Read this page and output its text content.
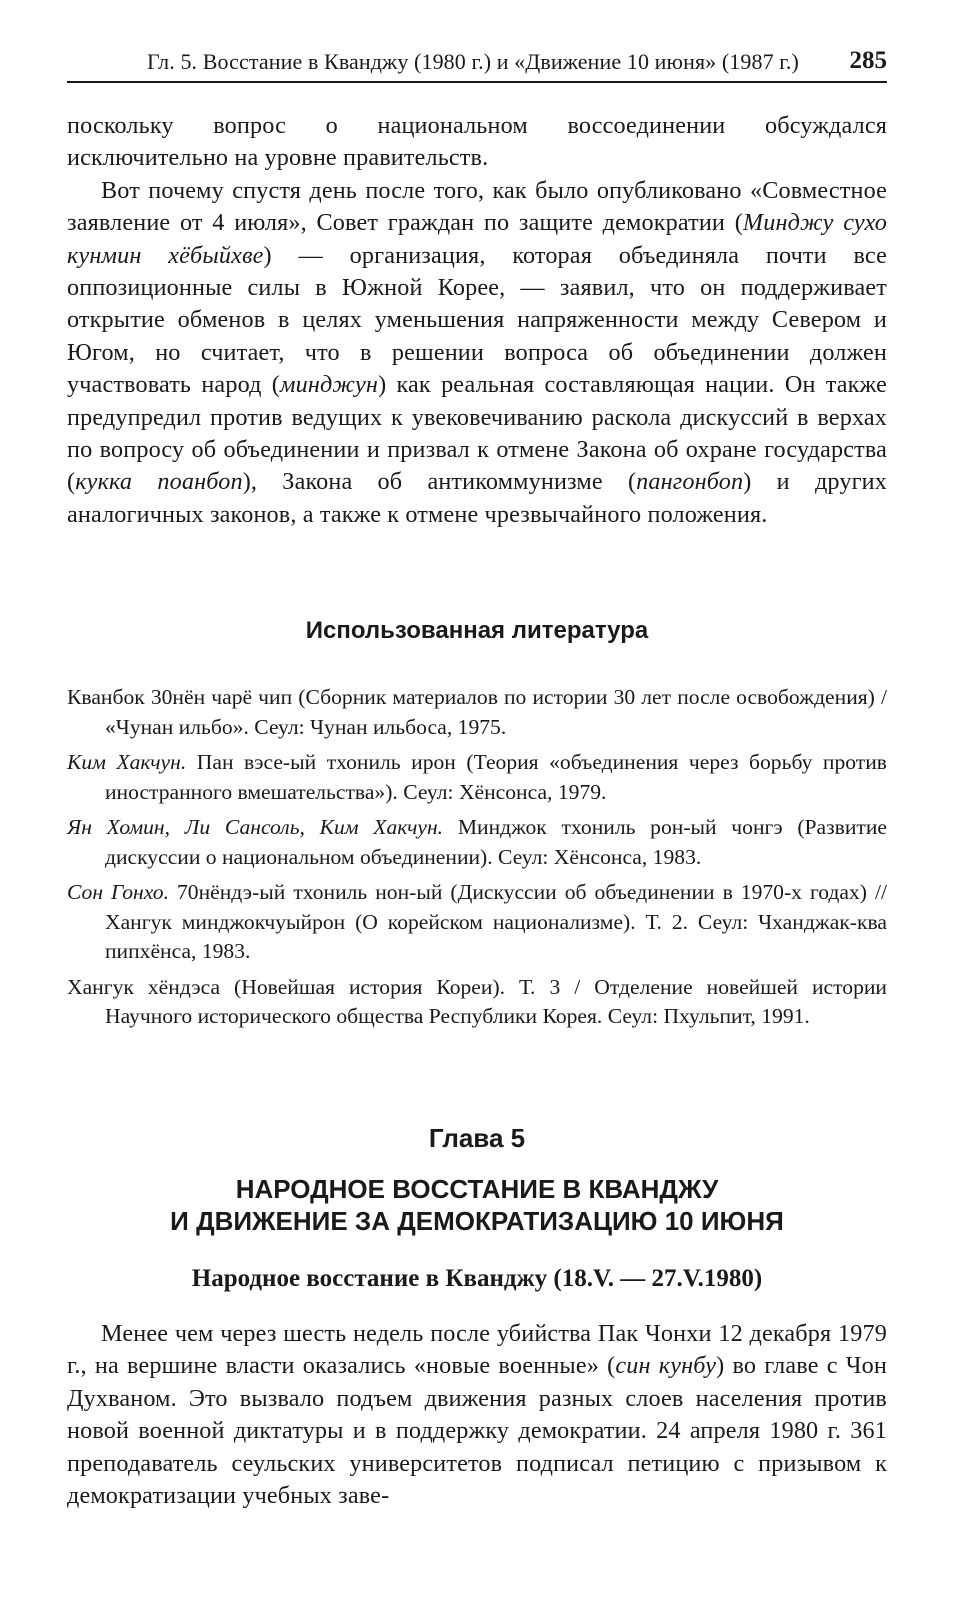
Гл. 5. Восстание в Кванджу (1980 г.) и «Движение 10 июня» (1987 г.) 285

поскольку вопрос о национальном воссоединении обсуждался исключительно на уровне правительств.

Вот почему спустя день после того, как было опубликовано «Совместное заявление от 4 июля», Совет граждан по защите демократии (Минджу сухо кунмин хёбыйхве) — организация, которая объединяла почти все оппозиционные силы в Южной Корее, — заявил, что он поддерживает открытие обменов в целях уменьшения напряженности между Севером и Югом, но считает, что в решении вопроса об объединении должен участвовать народ (минджун) как реальная составляющая нации. Он также предупредил против ведущих к увековечиванию раскола дискуссий в верхах по вопросу об объединении и призвал к отмене Закона об охране государства (кукка поанбоп), Закона об антикоммунизме (пангонбоп) и других аналогичных законов, а также к отмене чрезвычайного положения.

Использованная литература
Кванбок 30нён чарё чип (Сборник материалов по истории 30 лет после освобождения) / «Чунан ильбо». Сеул: Чунан ильбоса, 1975.
Ким Хакчун. Пан вэсе-ый тхониль ирон (Теория «объединения через борьбу против иностранного вмешательства»). Сеул: Хёнсонса, 1979.
Ян Хомин, Ли Сансоль, Ким Хакчун. Минджок тхониль рон-ый чонгэ (Развитие дискуссии о национальном объединении). Сеул: Хёнсонса, 1983.
Сон Гонхо. 70нёндэ-ый тхониль нон-ый (Дискуссии об объединении в 1970-х годах) // Хангук минджокчуыйрон (О корейском национализме). Т. 2. Сеул: Чханджак-ква пипхёнса, 1983.
Хангук хёндэса (Новейшая история Кореи). Т. 3 / Отделение новейшей истории Научного исторического общества Республики Корея. Сеул: Пхульпит, 1991.
Глава 5
НАРОДНОЕ ВОССТАНИЕ В КВАНДЖУ
И ДВИЖЕНИЕ ЗА ДЕМОКРАТИЗАЦИЮ 10 ИЮНЯ
Народное восстание в Кванджу (18.V. — 27.V.1980)

Менее чем через шесть недель после убийства Пак Чонхи 12 декабря 1979 г., на вершине власти оказались «новые военные» (син кунбу) во главе с Чон Духваном. Это вызвало подъем движения разных слоев населения против новой военной диктатуры и в поддержку демократии. 24 апреля 1980 г. 361 преподаватель сеульских университетов подписал петицию с призывом к демократизации учебных заве-
